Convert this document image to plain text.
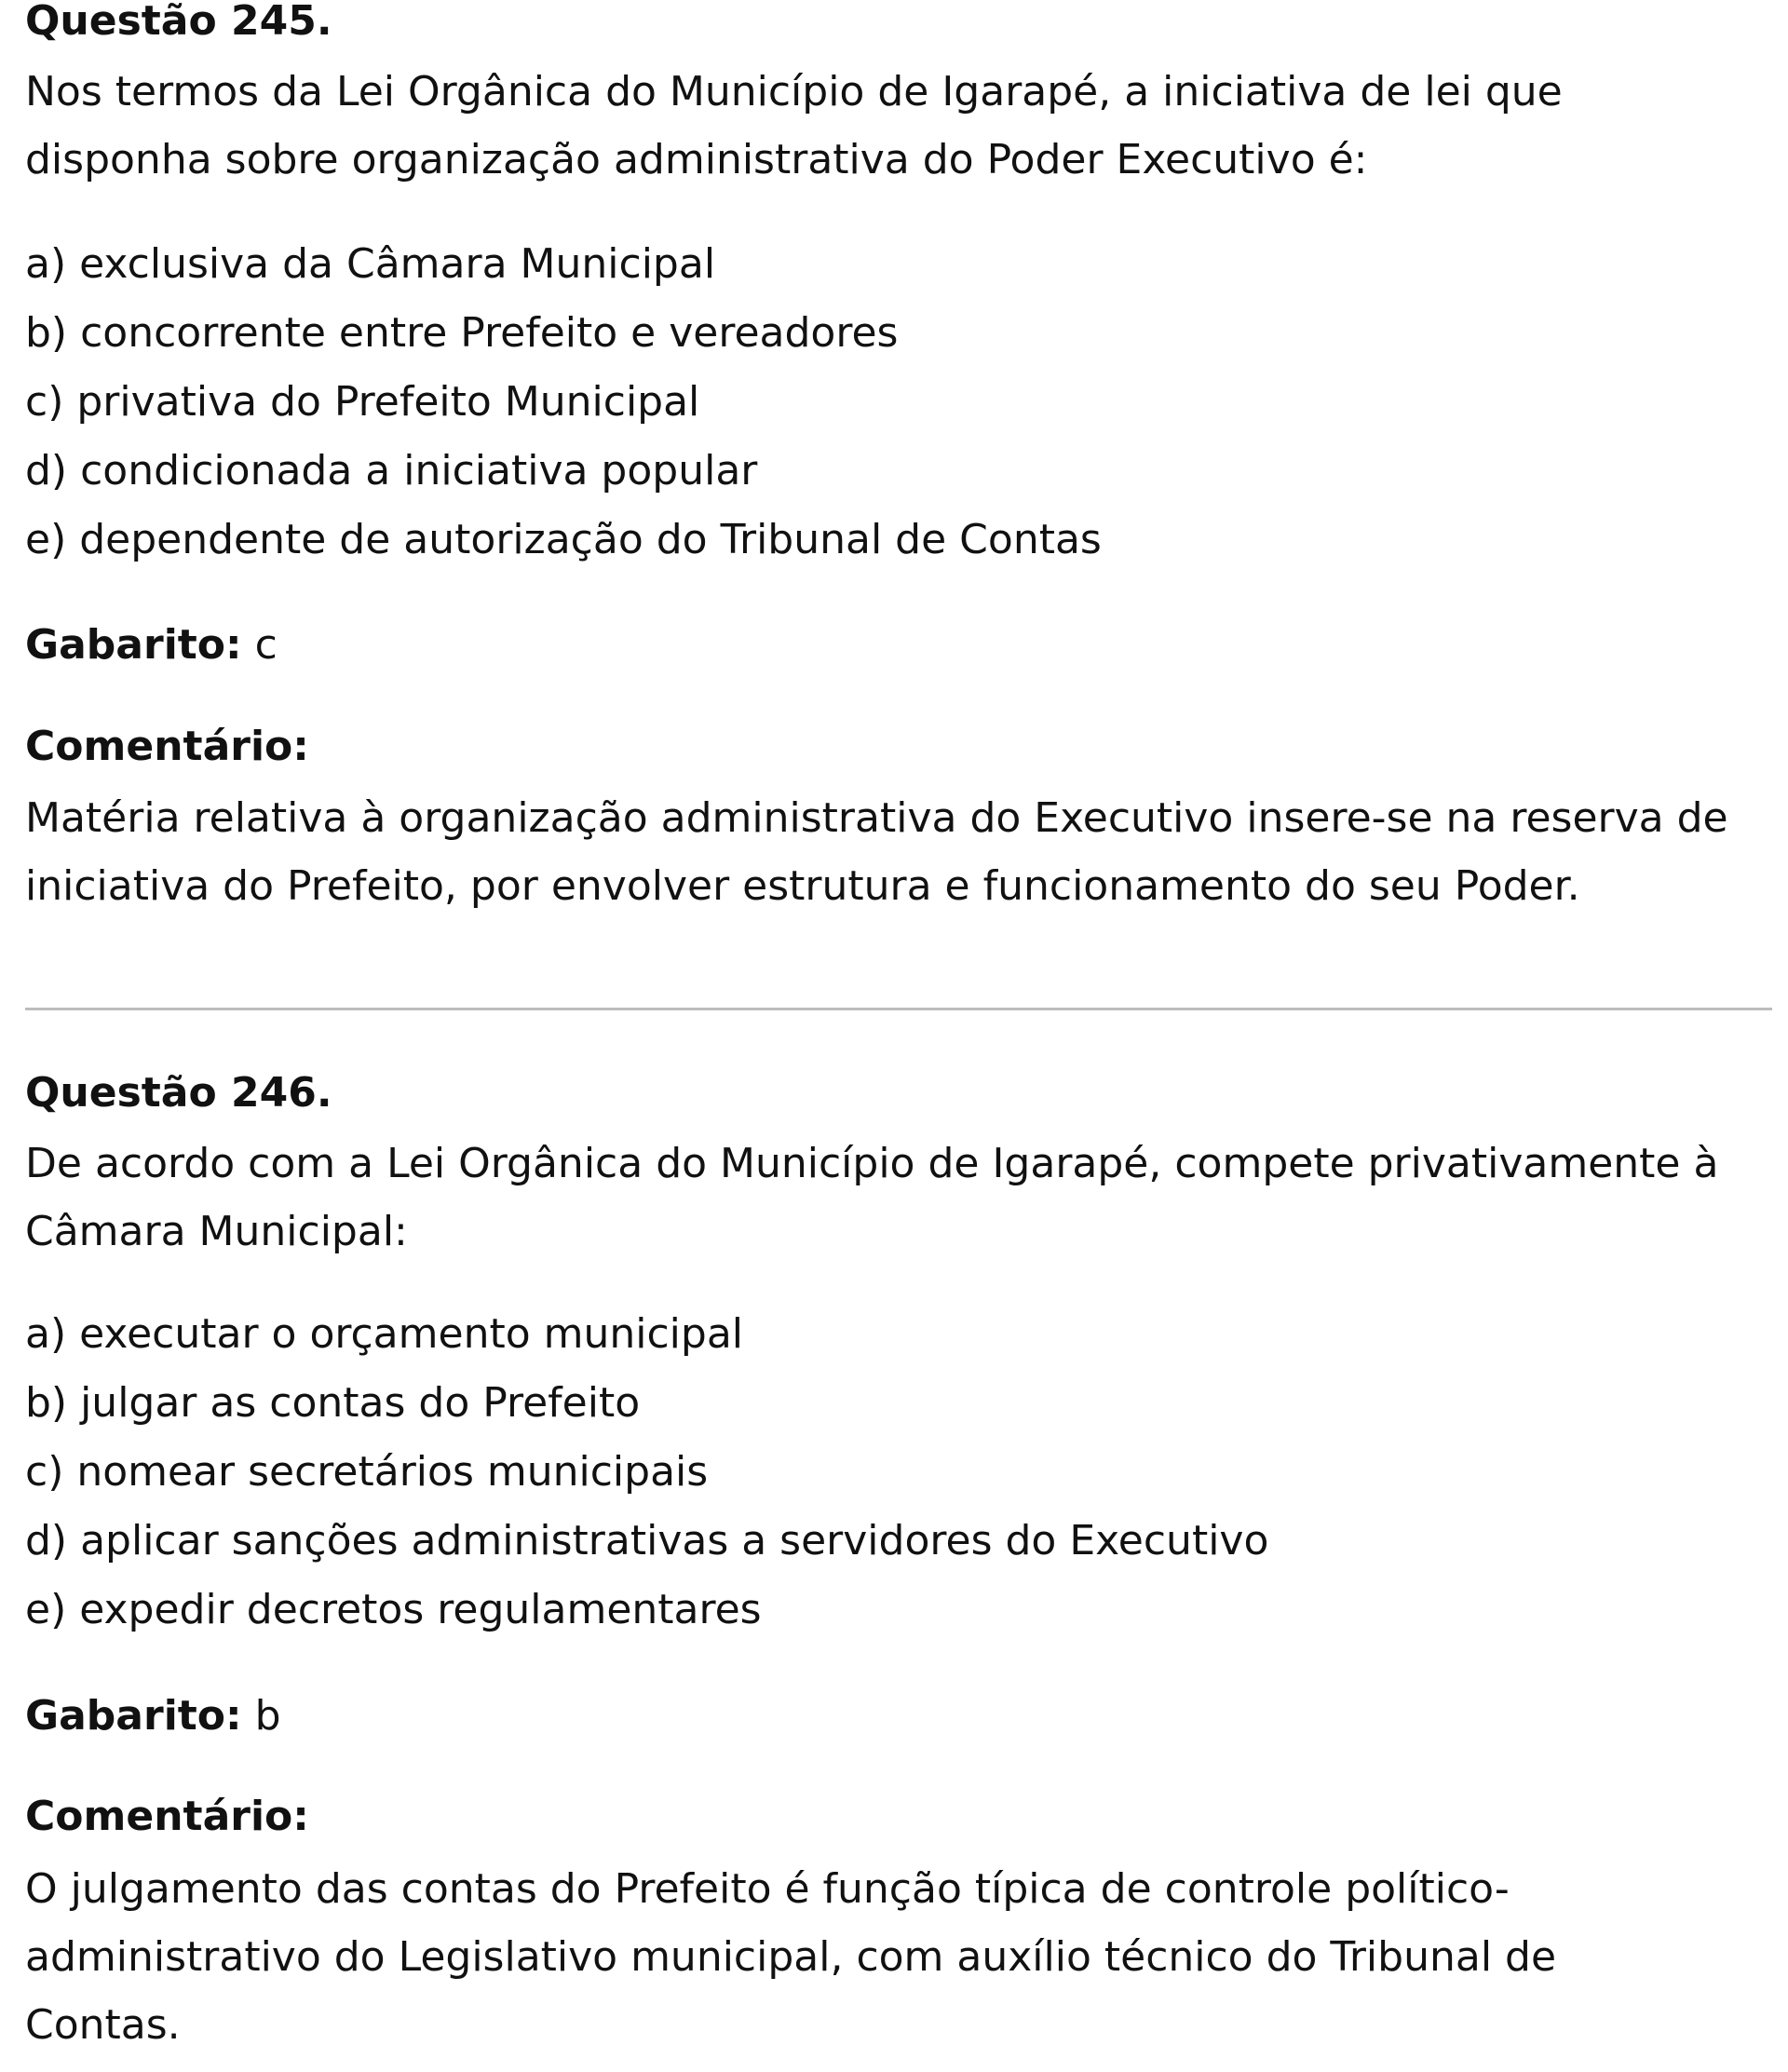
Questão 245.

Nos termos da Lei Orgânica do Município de Igarapé, a iniciativa de lei que
disponha sobre organização administrativa do Poder Executivo é:

a) exclusiva da Câmara Municipal
b) concorrente entre Prefeito e vereadores
c) privativa do Prefeito Municipal
d) condicionada a iniciativa popular
e) dependente de autorização do Tribunal de Contas

Gabarito: c

Comentário:

Matéria relativa à organização administrativa do Executivo insere-se na reserva de
iniciativa do Prefeito, por envolver estrutura e funcionamento do seu Poder.

Questão 246.

De acordo com a Lei Orgânica do Município de Igarapé, compete privativamente à
Câmara Municipal:

a) executar o orçamento municipal
b) julgar as contas do Prefeito
c) nomear secretários municipais
d) aplicar sanções administrativas a servidores do Executivo
e) expedir decretos regulamentares

Gabarito: b

Comentário:

O julgamento das contas do Prefeito é função típica de controle político-
administrativo do Legislativo municipal, com auxílio técnico do Tribunal de
Contas.
